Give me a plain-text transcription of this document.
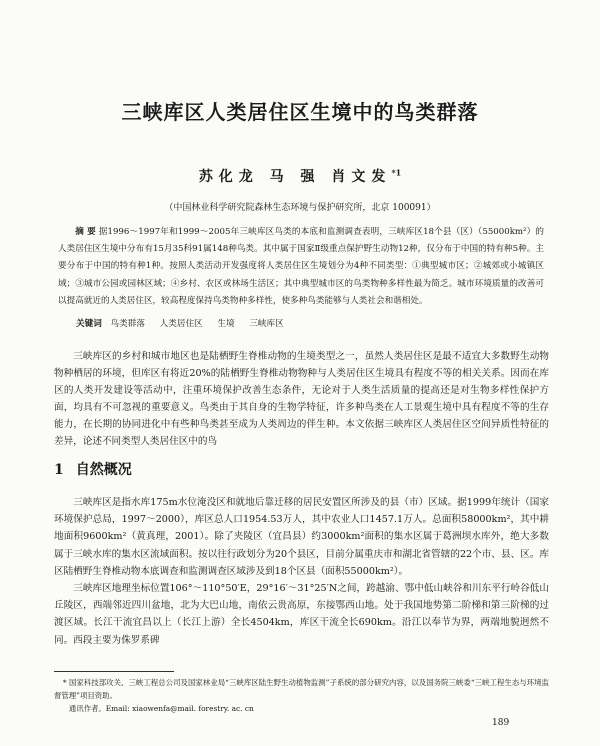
三峡库区人类居住区生境中的鸟类群落
苏化龙 马 强 肖文发$^{*1}$
（中国林业科学研究院森林生态环境与保护研究所，北京 100091）
摘 要 据1996～1997年和1999～2005年三峡库区鸟类的本底和监测调查表明，三峡库区18个县（区）（55000km²）的人类居住区生境中分布有15月35科91属148种鸟类。其中属于国家Ⅱ级重点保护野生动物12种，仅分布于中国的特有种5种。主要分布于中国的特有种1种。按照人类活动开发强度将人类居住区生境划分为4种不同类型：①典型城市区；②城郊或小城镇区域；③城市公园或园林区域；④乡村、农区或林场生活区；其中典型城市区的鸟类物种多样性最为简乏。城市环境质量的改善可以提高就近的人类居住区，较高程度保持鸟类物种多样性，使多种鸟类能够与人类社会和谐相处。
关键词 鸟类群落 人类居住区 生境 三峡库区
三峡库区的乡村和城市地区也是陆栖野生脊椎动物的生境类型之一，虽然人类居住区是最不适宜大多数野生动物物种栖居的环境，但库区有将近20%的陆栖野生脊椎动物物种与人类居住区生境具有程度不等的相关关系。因而在库区的人类开发建设等活动中，注重环境保护改善生态条件，无论对于人类生活质量的提高还是对生物多样性保护方面，均具有不可忽视的重要意义。鸟类由于其自身的生物学特征，许多种鸟类在人工景观生境中具有程度不等的生存能力，在长期的协同进化中有些种鸟类甚至成为人类周边的伴生种。本文依据三峡库区人类居住区空间异质性特征的差异，论述不同类型人类居住区中的鸟
1 自然概况

三峡库区是指水库175m水位淹没区和就地后靠迁移的居民安置区所涉及的县（市）区域。据1999年统计（国家环境保护总局，1997～2000），库区总人口1954.53万人，其中农业人口1457.1万人。总面积58000km²，其中耕地面积9600km²（黄真理，2001）。除了夹陵区（宜昌县）约3000km²面积的集水区属于葛洲坝水库外，绝大多数属于三峡水库的集水区流域面积。按以往行政划分为20个县区，目前分属重庆市和湖北省管辖的22个市、县、区。库区陆栖野生脊椎动物本底调查和监测调查区域涉及到18个区县（面积55000km²）。

三峡库区地理坐标位置106°～110°50′E，29°16′～31°25′N之间，跨越渝、鄂中低山峡谷和川东平行岭谷低山丘陵区，西端邻近四川盆地，北为大巴山地，南依云贵高原，东接鄂西山地。处于我国地势第二阶梯和第三阶梯的过渡区域。长江干流宜昌以上（长江上游）全长4504km，库区干流全长690km。沿江以奉节为界，两端地貌迥然不同。西段主要为侏罗系碑

* 国家科技部攻关、三峡工程总公司及国家林业局“三峡库区陆生野生动植物监测”子系统的部分研究内容，以及国务院三峡委“三峡工程生态与环境监督管理”项目资助。

通讯作者。Email: xiaowenfa@mail. forestry. ac. cn

189
